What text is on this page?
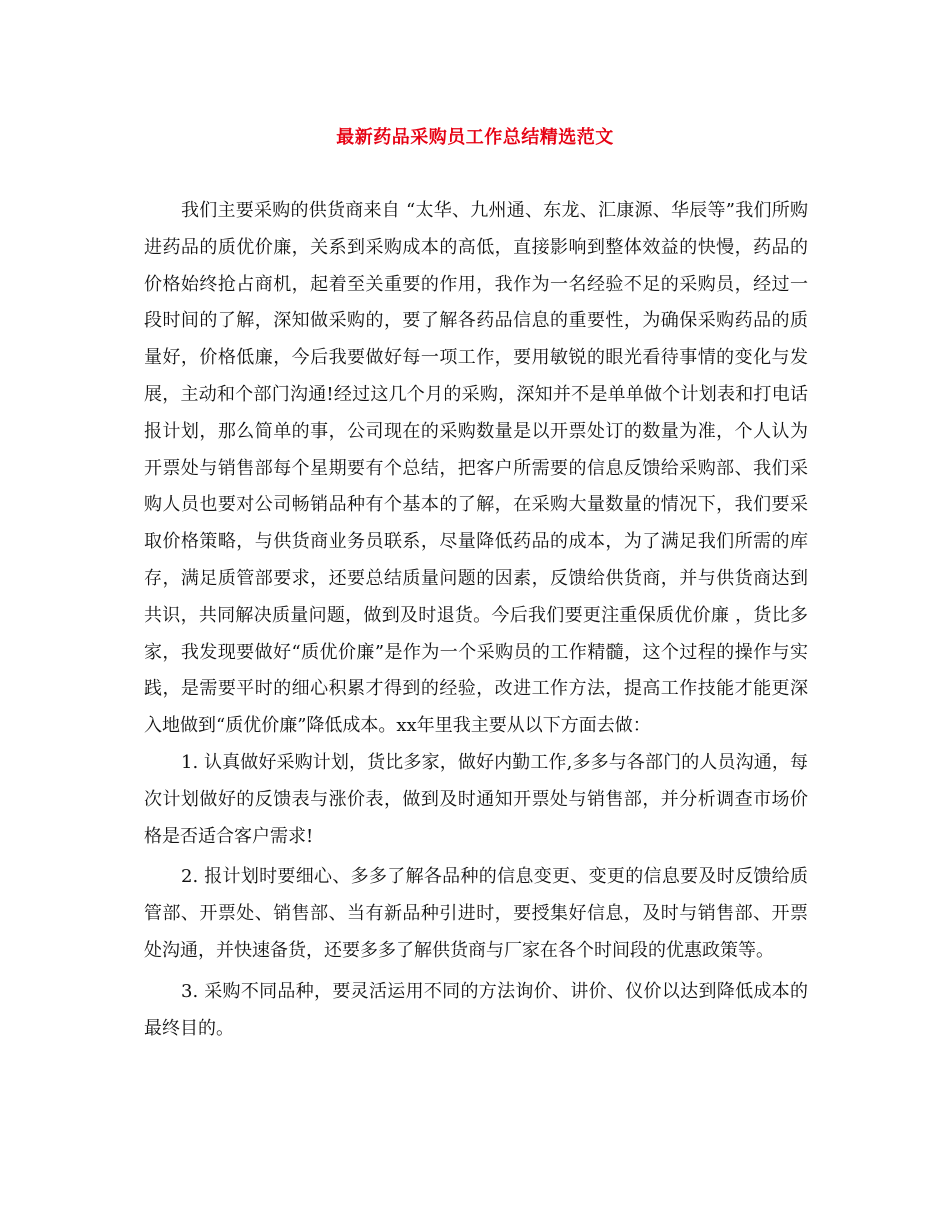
最新药品采购员工作总结精选范文

我们主要采购的供货商来自 “太华、九州通、东龙、汇康源、华辰等”我们所购进药品的质优价廉，关系到采购成本的高低，直接影响到整体效益的快慢，药品的价格始终抢占商机，起着至关重要的作用，我作为一名经验不足的采购员，经过一段时间的了解，深知做采购的，要了解各药品信息的重要性，为确保采购药品的质量好，价格低廉，今后我要做好每一项工作，要用敏锐的眼光看待事情的变化与发展，主动和个部门沟通!经过这几个月的采购，深知并不是单单做个计划表和打电话报计划，那么简单的事，公司现在的采购数量是以开票处订的数量为准，个人认为开票处与销售部每个星期要有个总结，把客户所需要的信息反馈给采购部、我们采购人员也要对公司畅销品种有个基本的了解，在采购大量数量的情况下，我们要采取价格策略，与供货商业务员联系，尽量降低药品的成本，为了满足我们所需的库存，满足质管部要求，还要总结质量问题的因素，反馈给供货商，并与供货商达到共识，共同解决质量问题，做到及时退货。今后我们要更注重保质优价廉 ，货比多家，我发现要做好“质优价廉”是作为一个采购员的工作精髓，这个过程的操作与实践，是需要平时的细心积累才得到的经验，改进工作方法，提高工作技能才能更深入地做到“质优价廉”降低成本。xx年里我主要从以下方面去做：

1. 认真做好采购计划，货比多家，做好内勤工作,多多与各部门的人员沟通，每次计划做好的反馈表与涨价表，做到及时通知开票处与销售部，并分析调查市场价格是否适合客户需求!

2. 报计划时要细心、多多了解各品种的信息变更、变更的信息要及时反馈给质管部、开票处、销售部、当有新品种引进时，要授集好信息，及时与销售部、开票处沟通，并快速备货，还要多多了解供货商与厂家在各个时间段的优惠政策等。

3. 采购不同品种，要灵活运用不同的方法询价、讲价、仪价以达到降低成本的最终目的。
